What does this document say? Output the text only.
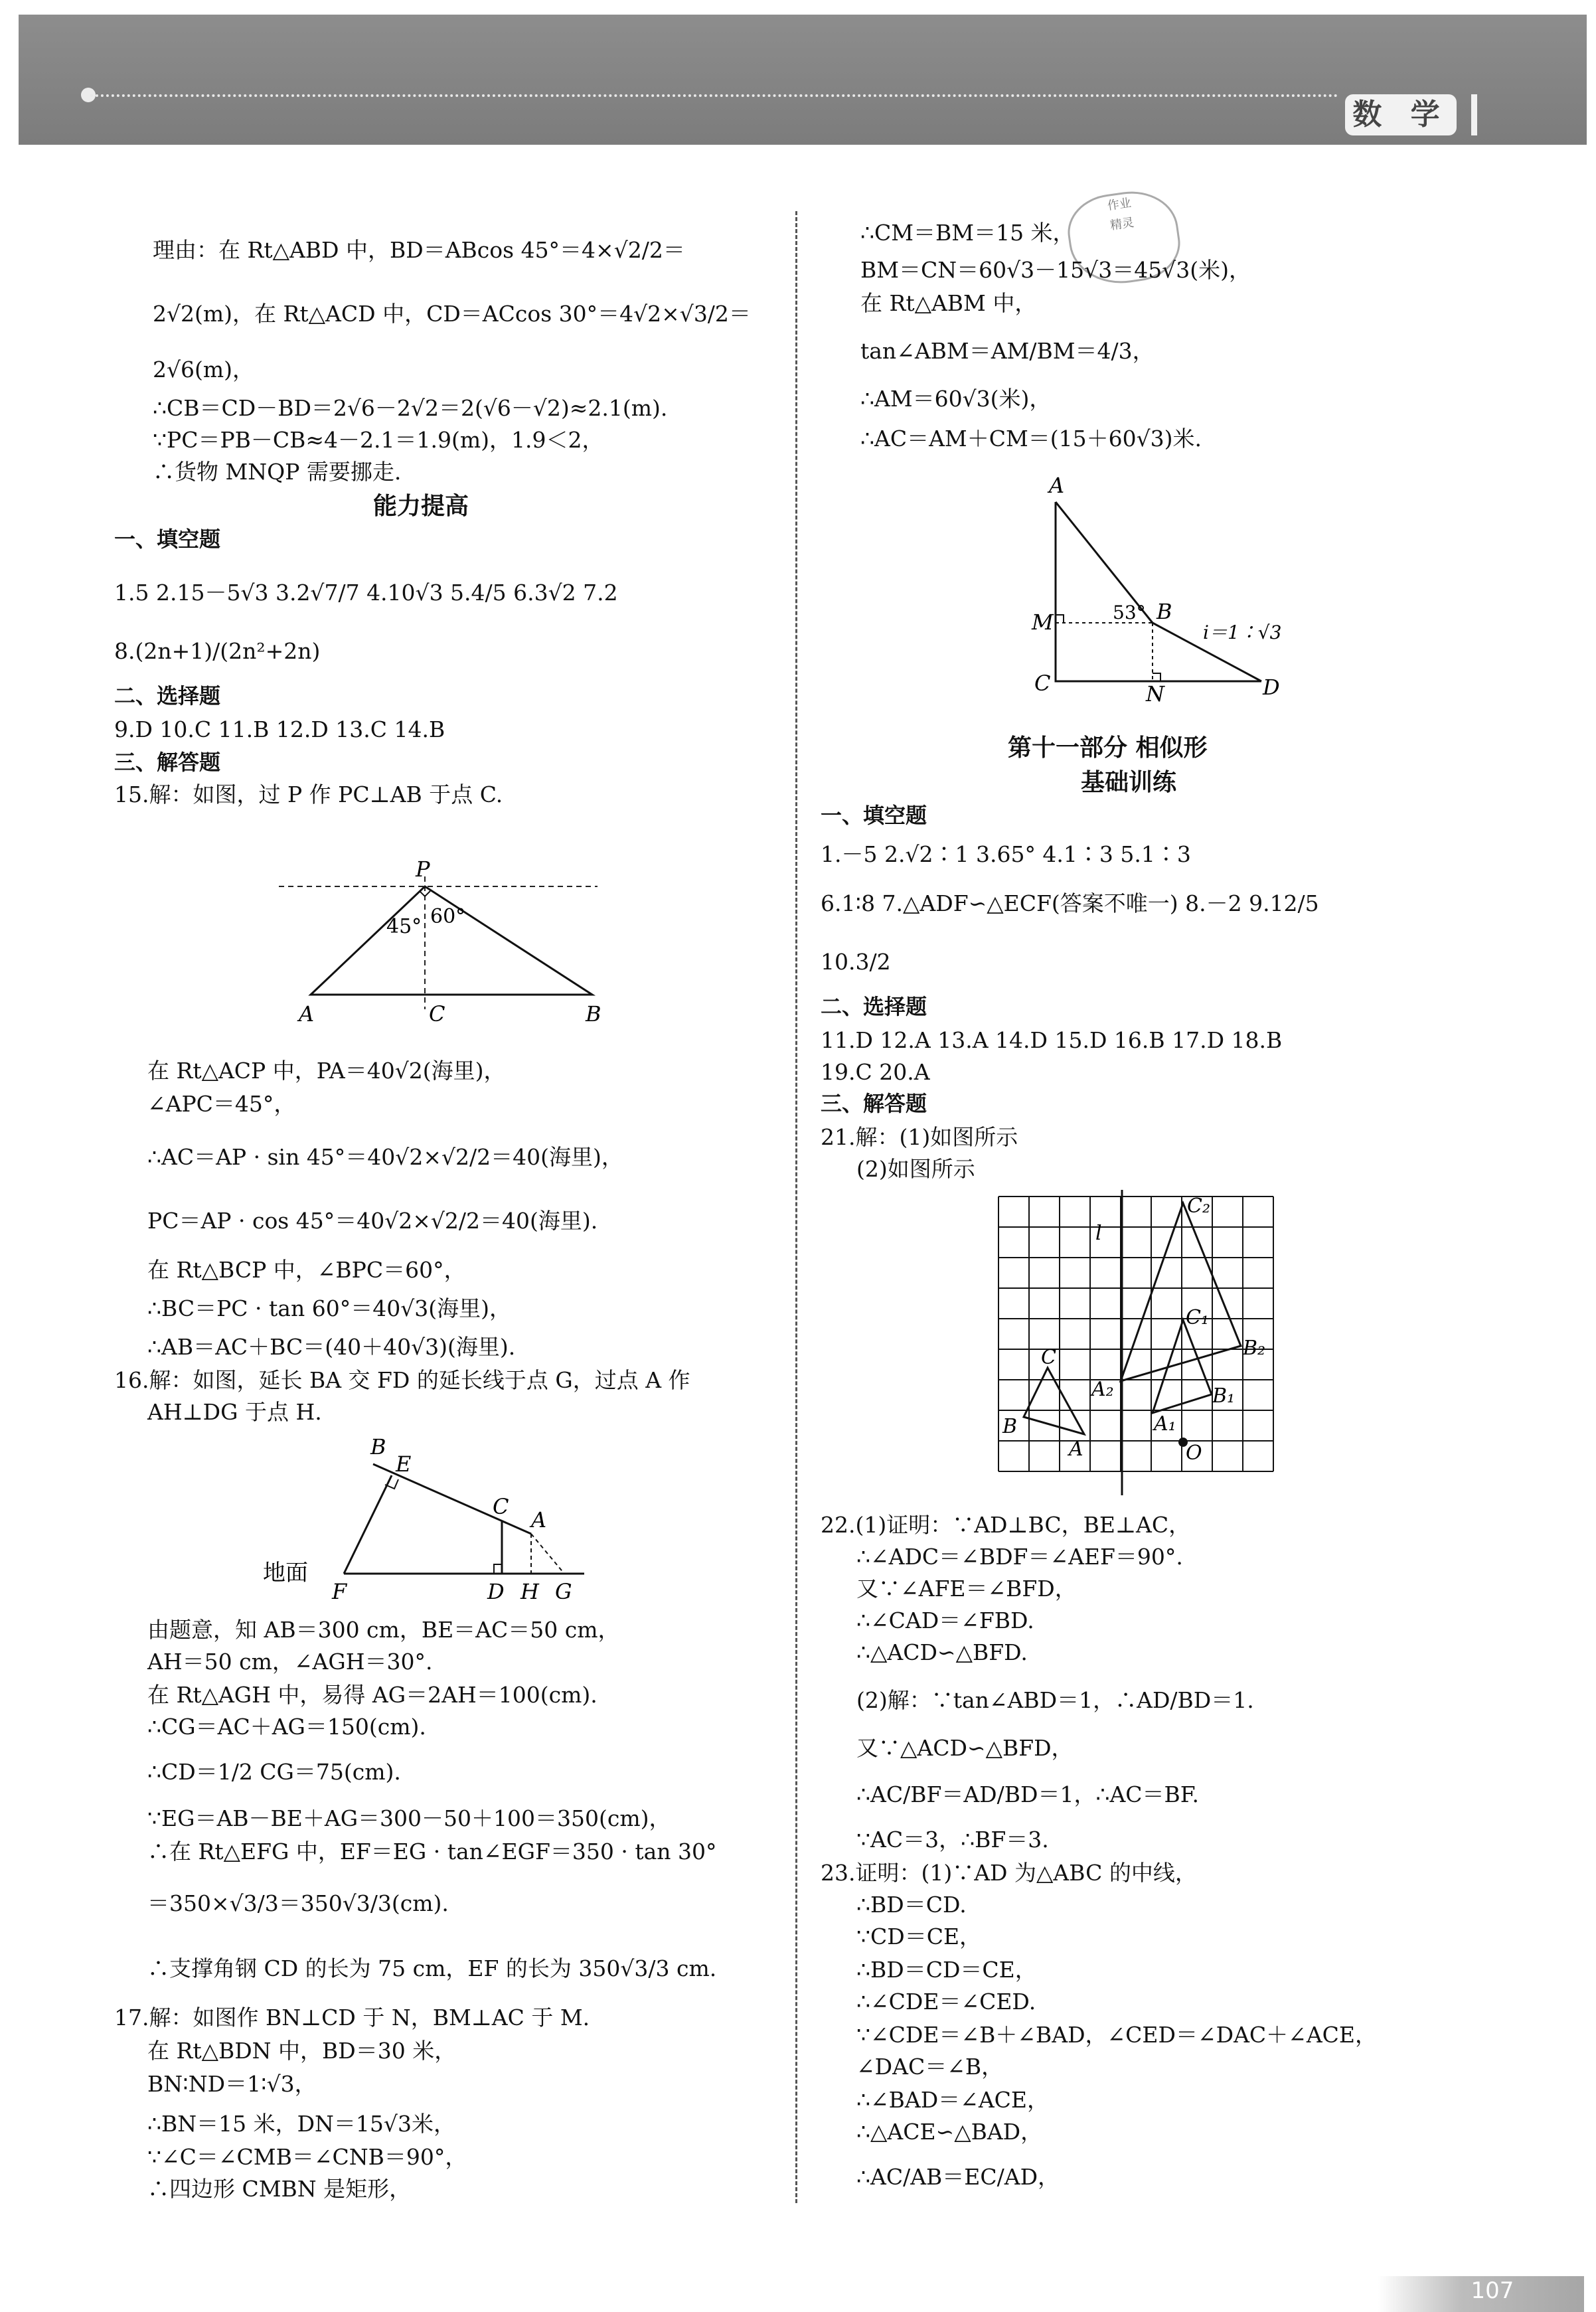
数 学
作业
精灵
理由：在 Rt△ABD 中，BD＝ABcos 45°＝4×√2/2＝
2√2(m)，在 Rt△ACD 中，CD＝ACcos 30°＝4√2×√3/2＝
2√6(m)，
∴CB＝CD－BD＝2√6－2√2＝2(√6－√2)≈2.1(m).
∵PC＝PB－CB≈4－2.1＝1.9(m)，1.9＜2，
∴货物 MNQP 需要挪走.
能力提高
一、填空题
1.5 2.15－5√3 3.2√7/7 4.10√3 5.4/5 6.3√2 7.2
8.(2n+1)/(2n²+2n)
二、选择题
9.D 10.C 11.B 12.D 13.C 14.B
三、解答题
15.解：如图，过 P 作 PC⊥AB 于点 C.
P
45° 60°
A	C	B
在 Rt△ACP 中，PA＝40√2(海里)，
∠APC＝45°，
∴AC＝AP · sin 45°＝40√2×√2/2＝40(海里)，
PC＝AP · cos 45°＝40√2×√2/2＝40(海里).
在 Rt△BCP 中，∠BPC＝60°，
∴BC＝PC · tan 60°＝40√3(海里)，
∴AB＝AC＋BC＝(40＋40√3)(海里).
16.解：如图，延长 BA 交 FD 的延长线于点 G，过点 A 作
AH⊥DG 于点 H.
B
E
C
A
地面
F	D H G
由题意，知 AB＝300 cm，BE＝AC＝50 cm，
AH＝50 cm，∠AGH＝30°.
在 Rt△AGH 中，易得 AG＝2AH＝100(cm).
∴CG＝AC＋AG＝150(cm).
∴CD＝1/2 CG＝75(cm).
∵EG＝AB－BE＋AG＝300－50＋100＝350(cm)，
∴在 Rt△EFG 中，EF＝EG · tan∠EGF＝350 · tan 30°
＝350×√3/3＝350√3/3(cm).
∴支撑角钢 CD 的长为 75 cm，EF 的长为 350√3/3 cm.
17.解：如图作 BN⊥CD 于 N，BM⊥AC 于 M.
在 Rt△BDN 中，BD＝30 米，
BN∶ND＝1∶√3，
∴BN＝15 米，DN＝15√3米，
∵∠C＝∠CMB＝∠CNB＝90°，
∴四边形 CMBN 是矩形，
∴CM＝BM＝15 米，
BM＝CN＝60√3－15√3＝45√3(米)，
在 Rt△ABM 中，
tan∠ABM＝AM/BM＝4/3，
∴AM＝60√3(米)，
∴AC＝AM＋CM＝(15＋60√3)米.
A
M	53° B
i＝1∶√3
C	N	D
第十一部分 相似形
基础训练
一、填空题
1.－5 2.√2∶1 3.65° 4.1∶3 5.1∶3
6.1∶8 7.△ADF∽△ECF(答案不唯一) 8.－2 9.12/5
10.3/2
二、选择题
11.D 12.A 13.A 14.D 15.D 16.B 17.D 18.B
19.C 20.A
三、解答题
21.解：(1)如图所示
(2)如图所示
C₂
l
C₁
B₂
C
A₂	B₁
B	A₁
O
A
22.(1)证明：∵AD⊥BC，BE⊥AC，
∴∠ADC＝∠BDF＝∠AEF＝90°.
又∵∠AFE＝∠BFD，
∴∠CAD＝∠FBD.
∴△ACD∽△BFD.
(2)解：∵tan∠ABD＝1，∴AD/BD＝1.
又∵△ACD∽△BFD，
∴AC/BF＝AD/BD＝1，∴AC＝BF.
∵AC＝3，∴BF＝3.
23.证明：(1)∵AD 为△ABC 的中线，
∴BD＝CD.
∵CD＝CE，
∴BD＝CD＝CE，
∴∠CDE＝∠CED.
∵∠CDE＝∠B＋∠BAD，∠CED＝∠DAC＋∠ACE，
∠DAC＝∠B，
∴∠BAD＝∠ACE，
∴△ACE∽△BAD，
∴AC/AB＝EC/AD，
107
